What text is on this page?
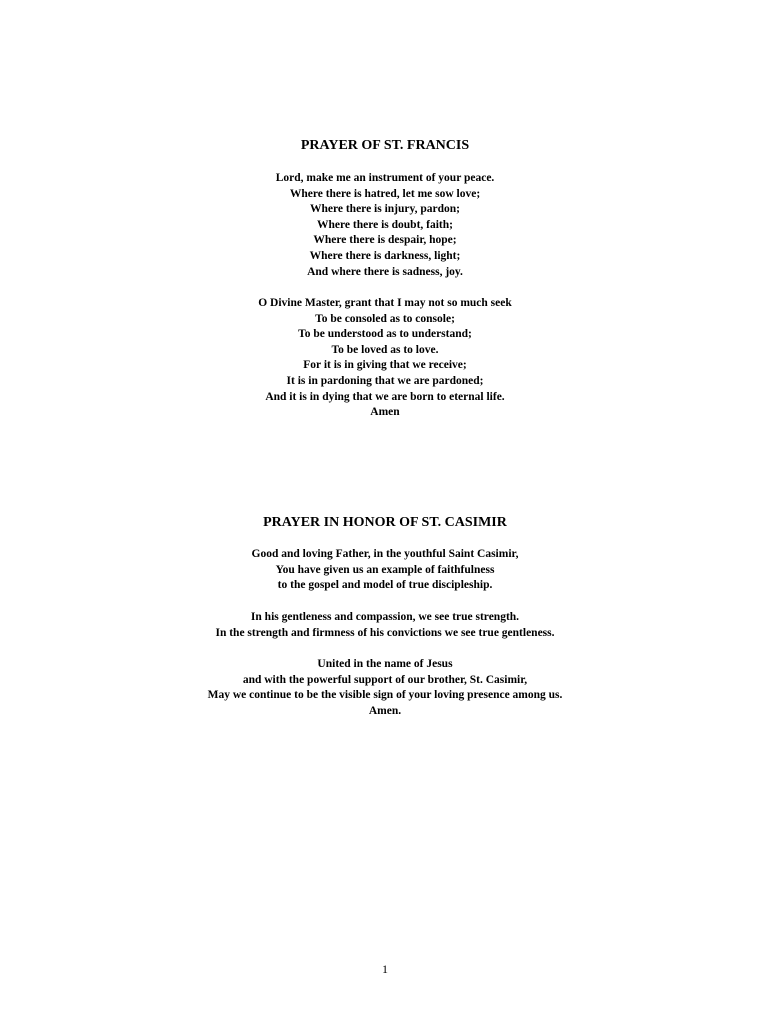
PRAYER OF ST. FRANCIS
Lord, make me an instrument of your peace.
Where there is hatred, let me sow love;
Where there is injury, pardon;
Where there is doubt, faith;
Where there is despair, hope;
Where there is darkness, light;
And where there is sadness, joy.
O Divine Master, grant that I may not so much seek
To be consoled as to console;
To be understood as to understand;
To be loved as to love.
For it is in giving that we receive;
It is in pardoning that we are pardoned;
And it is in dying that we are born to eternal life.
Amen
PRAYER IN HONOR OF ST. CASIMIR
Good and loving Father, in the youthful Saint Casimir,
You have given us an example of faithfulness
to the gospel and model of true discipleship.
In his gentleness and compassion, we see true strength.
In the strength and firmness of his convictions we see true gentleness.
United in the name of Jesus
and with the powerful support of our brother, St. Casimir,
May we continue to be the visible sign of your loving presence among us.
Amen.
1
